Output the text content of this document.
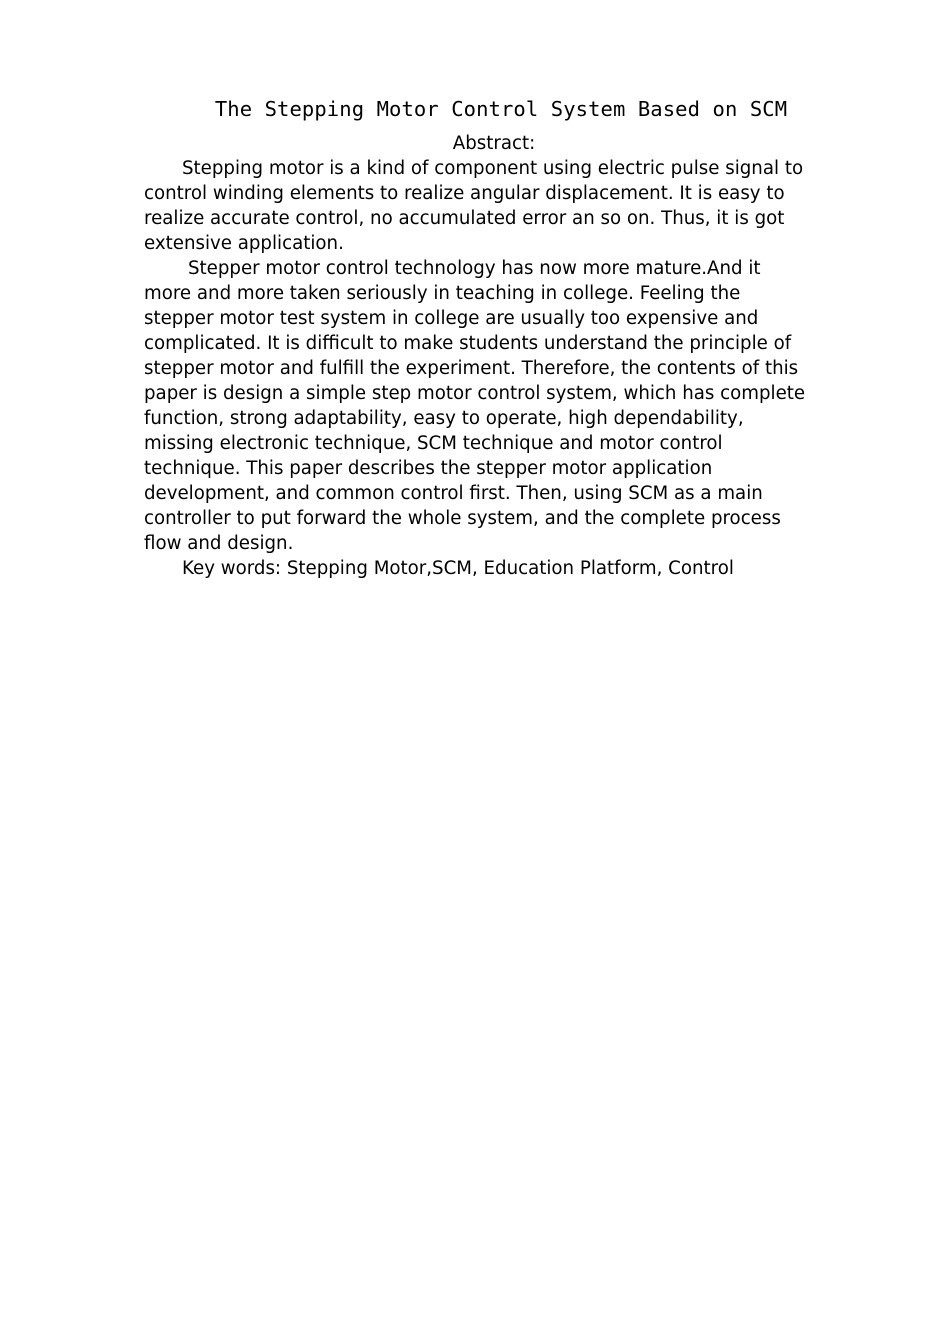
The Stepping Motor Control System Based on SCM

Abstract:

Stepping motor is a kind of component using electric pulse signal to control winding elements to realize angular displacement. It is easy to realize accurate control, no accumulated error an so on. Thus, it is got extensive application.

Stepper motor control technology has now more mature.And it more and more taken seriously in teaching in college. Feeling the stepper motor test system in college are usually too expensive and complicated. It is difficult to make students understand the principle of stepper motor and fulfill the experiment. Therefore, the contents of this paper is design a simple step motor control system, which has complete function, strong adaptability, easy to operate, high dependability, missing electronic technique, SCM technique and motor control technique. This paper describes the stepper motor application development, and common control first. Then, using SCM as a main controller to put forward the whole system, and the complete process flow and design.

Key words: Stepping Motor,SCM, Education Platform, Control
